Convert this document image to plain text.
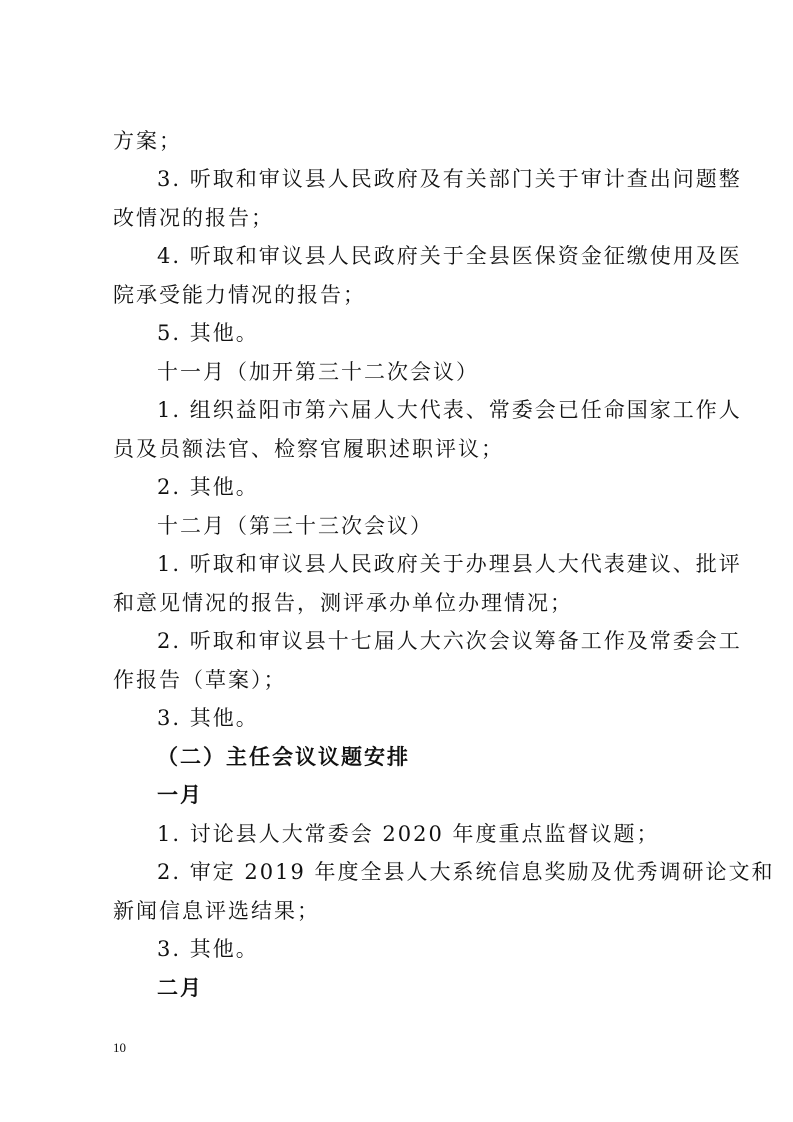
方案；
3. 听取和审议县人民政府及有关部门关于审计查出问题整
改情况的报告；
4. 听取和审议县人民政府关于全县医保资金征缴使用及医
院承受能力情况的报告；
5. 其他。
十一月（加开第三十二次会议）
1. 组织益阳市第六届人大代表、常委会已任命国家工作人
员及员额法官、检察官履职述职评议；
2. 其他。
十二月（第三十三次会议）
1. 听取和审议县人民政府关于办理县人大代表建议、批评
和意见情况的报告，测评承办单位办理情况；
2. 听取和审议县十七届人大六次会议筹备工作及常委会工
作报告（草案）；
3. 其他。
（二）主任会议议题安排
一月
1. 讨论县人大常委会 2020 年度重点监督议题；
2. 审定 2019 年度全县人大系统信息奖励及优秀调研论文和
新闻信息评选结果；
3. 其他。
二月
10
